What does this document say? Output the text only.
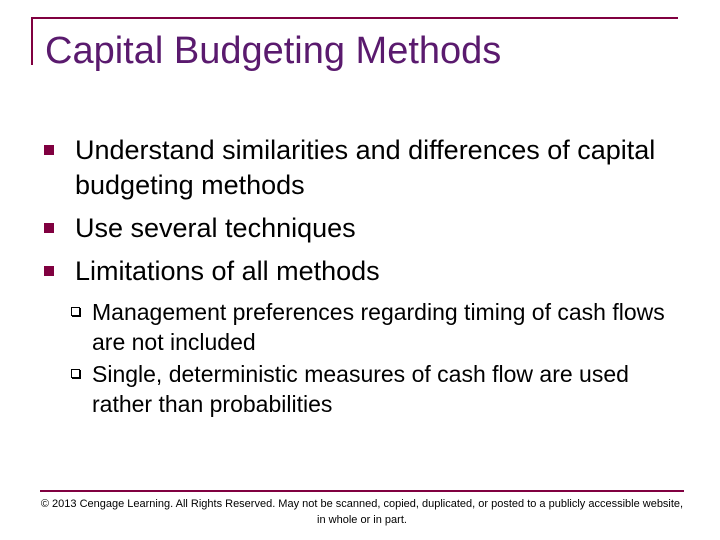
Capital Budgeting Methods
Understand similarities and differences of capital budgeting methods
Use several techniques
Limitations of all methods
Management preferences regarding timing of cash flows are not included
Single, deterministic measures of cash flow are used rather than probabilities
© 2013 Cengage Learning. All Rights Reserved. May not be scanned, copied, duplicated, or posted to a publicly accessible website, in whole or in part.
